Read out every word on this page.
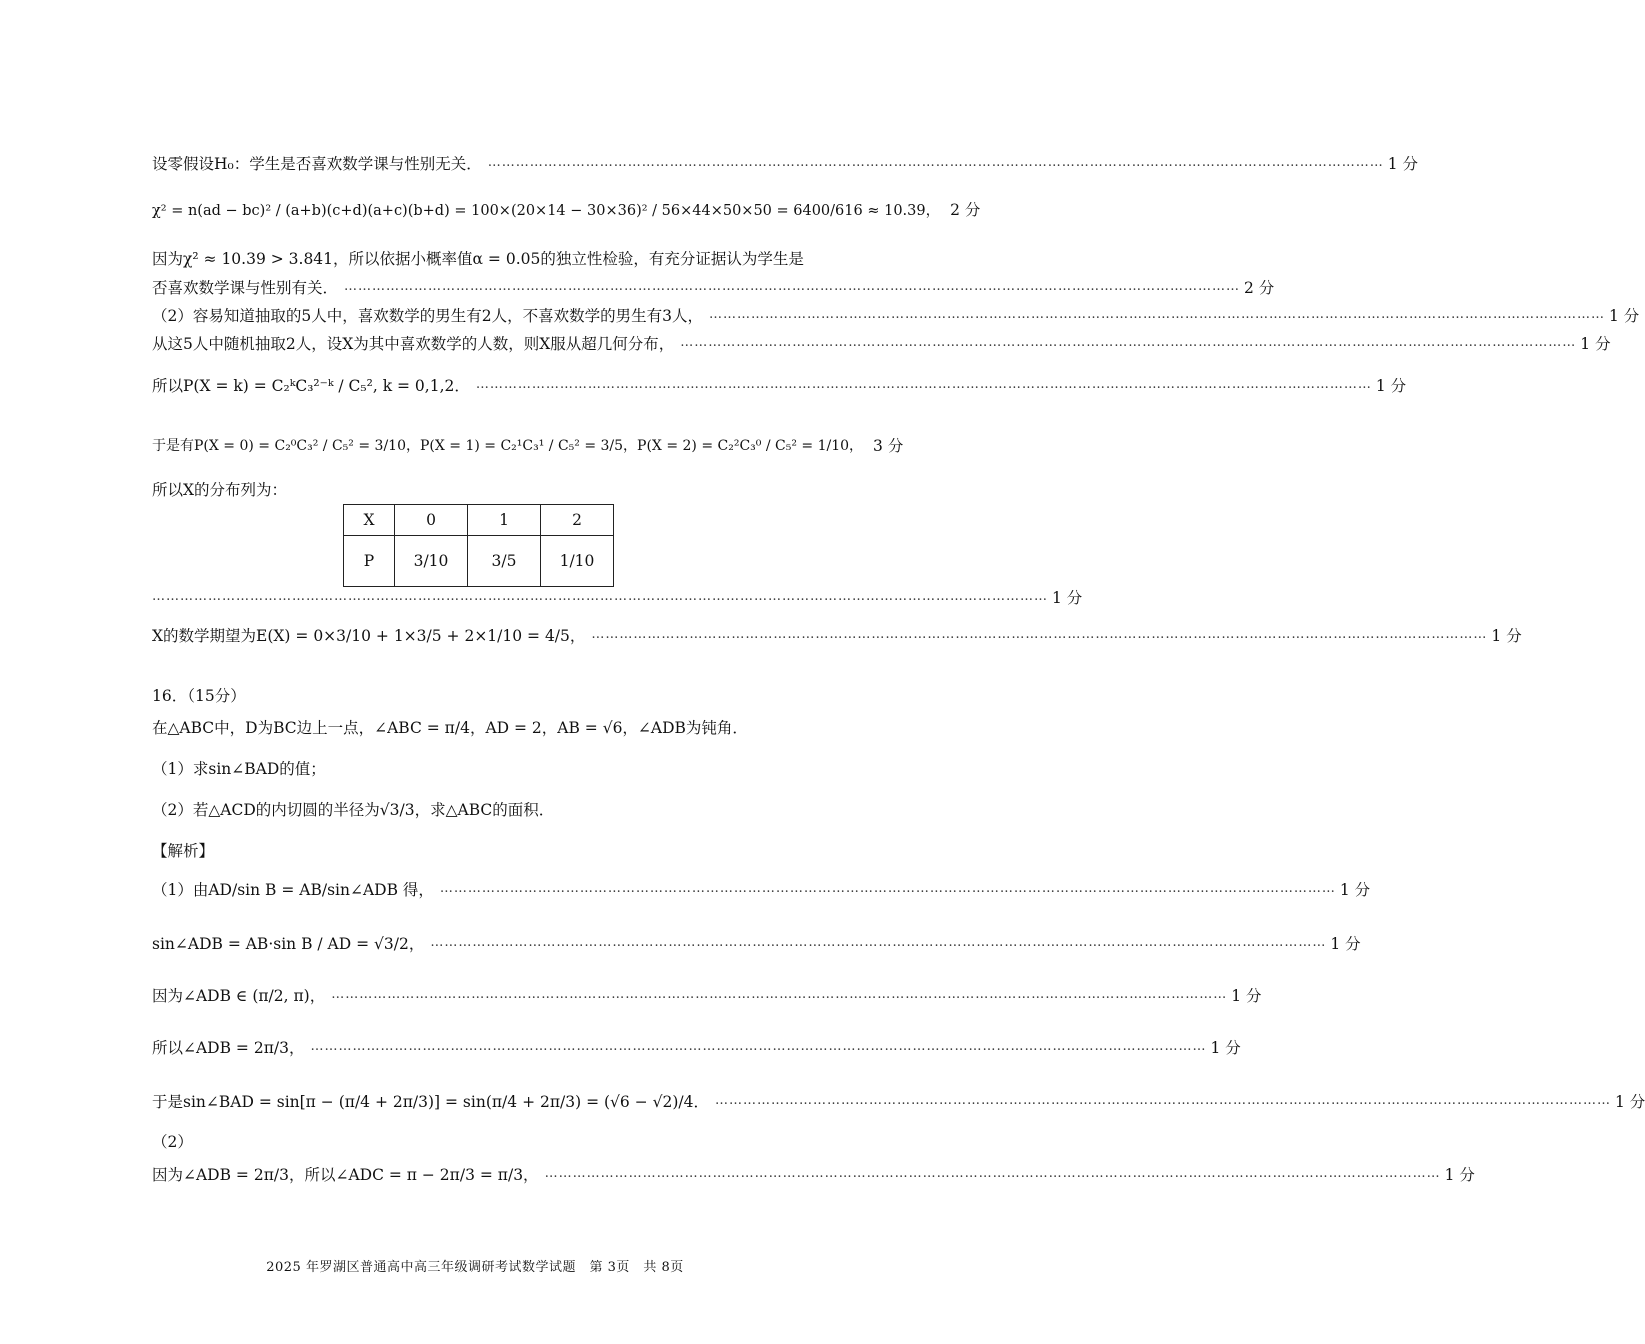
设零假设H₀：学生是否喜欢数学课与性别无关． …………………………………………………………………………………………………………………………………………………………………………	1 分
χ² = n(ad − bc)² / (a+b)(c+d)(a+c)(b+d) = 100×(20×14 − 30×36)² / 56×44×50×50 = 6400/616 ≈ 10.39， 2 分
因为χ² ≈ 10.39 > 3.841，所以依据小概率值α = 0.05的独立性检验，有充分证据认为学生是
否喜欢数学课与性别有关． …………………………………………………………………………………………………………………………………………………………………………	2 分
（2）容易知道抽取的5人中，喜欢数学的男生有2人，不喜欢数学的男生有3人， …………………………………………………………………………………………………………………………………………………………………………	1 分
从这5人中随机抽取2人，设X为其中喜欢数学的人数，则X服从超几何分布， …………………………………………………………………………………………………………………………………………………………………………	1 分
所以P(X = k) = C₂ᵏC₃²⁻ᵏ / C₅², k = 0,1,2． …………………………………………………………………………………………………………………………………………………………………………	1 分
于是有P(X = 0) = C₂⁰C₃² / C₅² = 3/10，P(X = 1) = C₂¹C₃¹ / C₅² = 3/5，P(X = 2) = C₂²C₃⁰ / C₅² = 1/10， 3 分
所以X的分布列为：
X	0	1	2
P	3/10	3/5	1/10
…………………………………………………………………………………………………………………………………………………………………………
1 分
X的数学期望为E(X) = 0×3/10 + 1×3/5 + 2×1/10 = 4/5， …………………………………………………………………………………………………………………………………………………………………………	1 分
16．（15分）
在△ABC中，D为BC边上一点，∠ABC = π/4，AD = 2，AB = √6，∠ADB为钝角．
（1）求sin∠BAD的值；
（2）若△ACD的内切圆的半径为√3/3，求△ABC的面积．
【解析】
（1）由AD/sin B = AB/sin∠ADB 得， …………………………………………………………………………………………………………………………………………………………………………	1 分
sin∠ADB = AB·sin B / AD = √3/2， …………………………………………………………………………………………………………………………………………………………………………	1 分
因为∠ADB ∈ (π/2, π)， …………………………………………………………………………………………………………………………………………………………………………	1 分
所以∠ADB = 2π/3， …………………………………………………………………………………………………………………………………………………………………………	1 分
于是sin∠BAD = sin[π − (π/4 + 2π/3)] = sin(π/4 + 2π/3) = (√6 − √2)/4． …………………………………………………………………………………………………………………………………………………………………………	1 分
（2）
因为∠ADB = 2π/3，所以∠ADC = π − 2π/3 = π/3， …………………………………………………………………………………………………………………………………………………………………………	1 分
2025 年罗湖区普通高中高三年级调研考试数学试题　第 3页　共 8页
